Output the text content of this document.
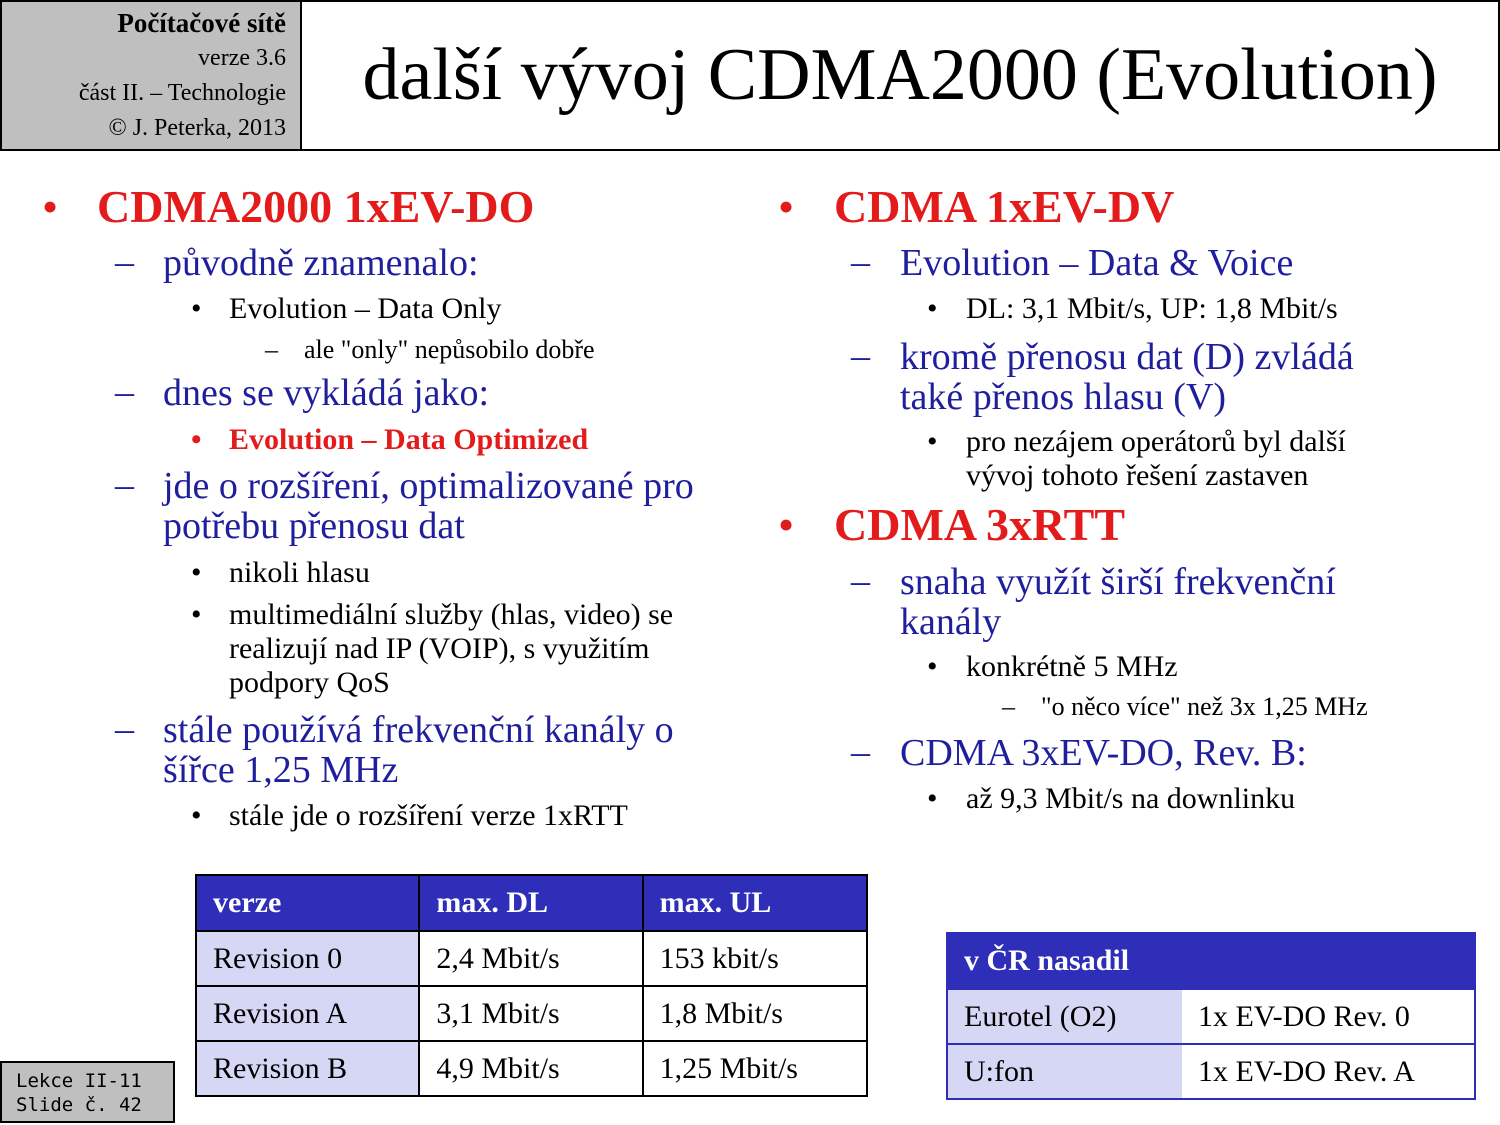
Počítačové sítě
verze 3.6
část II. – Technologie
© J. Peterka, 2013
další vývoj CDMA2000 (Evolution)
• CDMA2000 1xEV-DO
– původně znamenalo:
• Evolution – Data Only
– ale "only" nepůsobilo dobře
– dnes se vykládá jako:
• Evolution – Data Optimized
– jde o rozšíření, optimalizované pro
potřebu přenosu dat
• nikoli hlasu
• multimediální služby (hlas, video) se
realizují nad IP (VOIP), s využitím
podpory QoS
– stále používá frekvenční kanály o
šířce 1,25 MHz
• stále jde o rozšíření verze 1xRTT
• CDMA 1xEV-DV
– Evolution – Data & Voice
• DL: 3,1 Mbit/s, UP: 1,8 Mbit/s
– kromě přenosu dat (D) zvládá
také přenos hlasu (V)
• pro nezájem operátorů byl další
vývoj tohoto řešení zastaven
• CDMA 3xRTT
– snaha využít širší frekvenční
kanály
• konkrétně 5 MHz
– "o něco více" než 3x 1,25 MHz
– CDMA 3xEV-DO, Rev. B:
• až 9,3 Mbit/s na downlinku
verze	max. DL	max. UL
Revision 0	2,4 Mbit/s	153 kbit/s
Revision A	3,1 Mbit/s	1,8 Mbit/s
Revision B	4,9 Mbit/s	1,25 Mbit/s
v ČR nasadil	
Eurotel (O2)	1x EV-DO Rev. 0
U:fon	1x EV-DO Rev. A
Lekce II-11
Slide č. 42
